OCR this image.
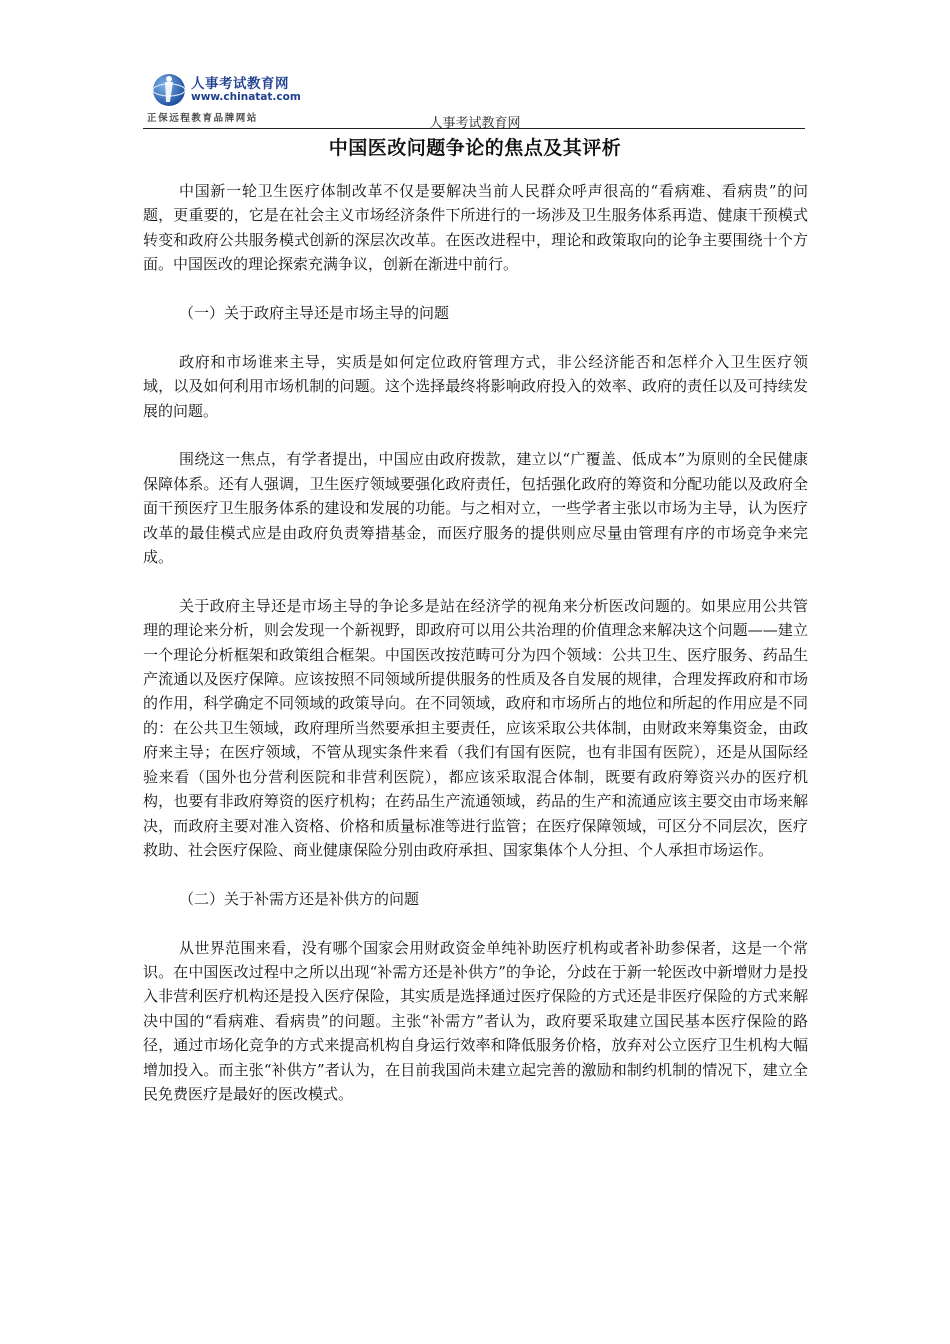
人事考试教育网
www.chinatat.com
正保远程教育品牌网站	人事考试教育网
中国医改问题争论的焦点及其评析

中国新一轮卫生医疗体制改革不仅是要解决当前人民群众呼声很高的“看病难、看病贵”的问题，更重要的，它是在社会主义市场经济条件下所进行的一场涉及卫生服务体系再造、健康干预模式转变和政府公共服务模式创新的深层次改革。在医改进程中，理论和政策取向的论争主要围绕十个方面。中国医改的理论探索充满争议，创新在渐进中前行。

（一）关于政府主导还是市场主导的问题

政府和市场谁来主导，实质是如何定位政府管理方式，非公经济能否和怎样介入卫生医疗领域，以及如何利用市场机制的问题。这个选择最终将影响政府投入的效率、政府的责任以及可持续发展的问题。

围绕这一焦点，有学者提出，中国应由政府拨款，建立以“广覆盖、低成本”为原则的全民健康保障体系。还有人强调，卫生医疗领域要强化政府责任，包括强化政府的筹资和分配功能以及政府全面干预医疗卫生服务体系的建设和发展的功能。与之相对立，一些学者主张以市场为主导，认为医疗改革的最佳模式应是由政府负责筹措基金，而医疗服务的提供则应尽量由管理有序的市场竞争来完成。

关于政府主导还是市场主导的争论多是站在经济学的视角来分析医改问题的。如果应用公共管理的理论来分析，则会发现一个新视野，即政府可以用公共治理的价值理念来解决这个问题——建立一个理论分析框架和政策组合框架。中国医改按范畴可分为四个领域：公共卫生、医疗服务、药品生产流通以及医疗保障。应该按照不同领域所提供服务的性质及各自发展的规律，合理发挥政府和市场的作用，科学确定不同领域的政策导向。在不同领域，政府和市场所占的地位和所起的作用应是不同的：在公共卫生领域，政府理所当然要承担主要责任，应该采取公共体制，由财政来筹集资金，由政府来主导；在医疗领域，不管从现实条件来看（我们有国有医院，也有非国有医院），还是从国际经验来看（国外也分营利医院和非营利医院），都应该采取混合体制，既要有政府筹资兴办的医疗机构，也要有非政府筹资的医疗机构；在药品生产流通领域，药品的生产和流通应该主要交由市场来解决，而政府主要对准入资格、价格和质量标准等进行监管；在医疗保障领域，可区分不同层次，医疗救助、社会医疗保险、商业健康保险分别由政府承担、国家集体个人分担、个人承担市场运作。

（二）关于补需方还是补供方的问题

从世界范围来看，没有哪个国家会用财政资金单纯补助医疗机构或者补助参保者，这是一个常识。在中国医改过程中之所以出现“补需方还是补供方”的争论，分歧在于新一轮医改中新增财力是投入非营利医疗机构还是投入医疗保险，其实质是选择通过医疗保险的方式还是非医疗保险的方式来解决中国的“看病难、看病贵”的问题。主张“补需方”者认为，政府要采取建立国民基本医疗保险的路径，通过市场化竞争的方式来提高机构自身运行效率和降低服务价格，放弃对公立医疗卫生机构大幅增加投入。而主张“补供方”者认为，在目前我国尚未建立起完善的激励和制约机制的情况下，建立全民免费医疗是最好的医改模式。
